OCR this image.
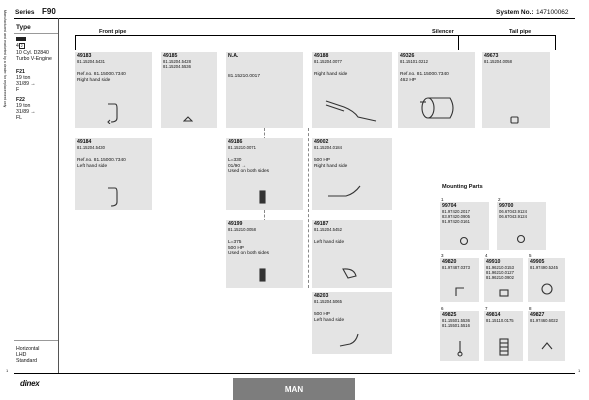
Manufactured and marketed by a dealer for replacement only Series F90	System No.: 147100062
Type
4 2
10 Cyl. D2840
Turbo V-Engine
F21
19 ton
31/89 →
F
F22
19 ton
31/89 →
FL
Horizontal
LHD
Standard
Front pipe	Silencer	Tail pipe
49183
81.15204.5431
Ref.no. 81.15000.7340
Right hand side
49185
81.15204.5428
81.15204.5536
N.A.
81.15210.0017
49188
81.15204.0077
Right hand side
49326
81.15101.0212
Ref.no. 81.15000.7340
462 HP
49673
81.15204.0058
49184
81.15204.5430
Ref.no. 81.15000.7340
Left hand side
49186
81.15210.0071
L=330
01/90 →
Used on both sides
49002
81.15204.0184
500 HP
Right hand side
49199
81.15210.0058
L=375
500 HP
Used on both sides
49187
81.15204.5452
Left hand side
48203
81.15204.5065
500 HP
Left hand side
Mounting Parts
1
99704
81.97420.2017
83.97420.0905
91.97420.0161
2
99700
06.67043.9124
06.67043.9124
3
49820
81.97487.0373
4
49910
81.96210.0153
81.96210.0127
81.96210.0902
5
49905
81.97490.5245
6
49825
81.15501.5536
81.15501.5516
7
49814
81.15110.0175
8
49827
81.97460.6022
1
1
dinex
MAN
